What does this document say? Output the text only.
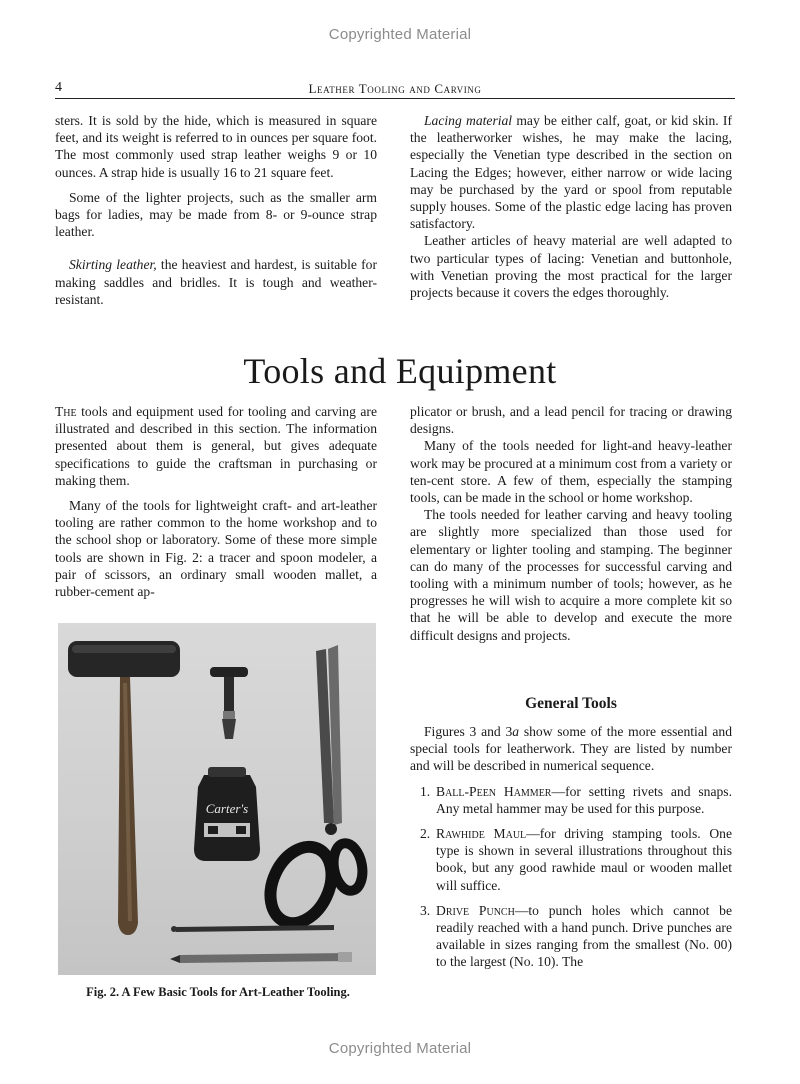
Copyrighted Material
4	Leather Tooling and Carving

sters. It is sold by the hide, which is measured in square feet, and its weight is referred to in ounces per square foot. The most commonly used strap leather weighs 9 or 10 ounces. A strap hide is usually 16 to 21 square feet.

Some of the lighter projects, such as the smaller arm bags for ladies, may be made from 8- or 9-ounce strap leather.

Skirting leather, the heaviest and hardest, is suitable for making saddles and bridles. It is tough and weather-resistant.

Lacing material may be either calf, goat, or kid skin. If the leatherworker wishes, he may make the lacing, especially the Venetian type described in the section on Lacing the Edges; however, either narrow or wide lacing may be purchased by the yard or spool from reputable supply houses. Some of the plastic edge lacing has proven satisfactory.

Leather articles of heavy material are well adapted to two particular types of lacing: Venetian and buttonhole, with Venetian proving the most practical for the larger projects because it covers the edges thoroughly.

Tools and Equipment

The tools and equipment used for tooling and carving are illustrated and described in this section. The information presented about them is general, but gives adequate specifications to guide the craftsman in purchasing or making them.

Many of the tools for lightweight craft- and art-leather tooling are rather common to the home workshop and to the school shop or laboratory. Some of these more simple tools are shown in Fig. 2: a tracer and spoon modeler, a pair of scissors, an ordinary small wooden mallet, a rubber-cement ap-

Carter's
Fig. 2. A Few Basic Tools for Art-Leather Tooling.

plicator or brush, and a lead pencil for tracing or drawing designs.

Many of the tools needed for light-and heavy-leather work may be procured at a minimum cost from a variety or ten-cent store. A few of them, especially the stamping tools, can be made in the school or home workshop.

The tools needed for leather carving and heavy tooling are slightly more specialized than those used for elementary or lighter tooling and stamping. The beginner can do many of the processes for successful carving and tooling with a minimum number of tools; however, as he progresses he will wish to acquire a more complete kit so that he will be able to develop and execute the more difficult designs and projects.

General Tools

Figures 3 and 3a show some of the more essential and special tools for leatherwork. They are listed by number and will be described in numerical sequence.

1. Ball-Peen Hammer—for setting rivets and snaps. Any metal hammer may be used for this purpose.
2. Rawhide Maul—for driving stamping tools. One type is shown in several illustrations throughout this book, but any good rawhide maul or wooden mallet will suffice.
3. Drive Punch—to punch holes which cannot be readily reached with a hand punch. Drive punches are available in sizes ranging from the smallest (No. 00) to the largest (No. 10). The
Copyrighted Material
